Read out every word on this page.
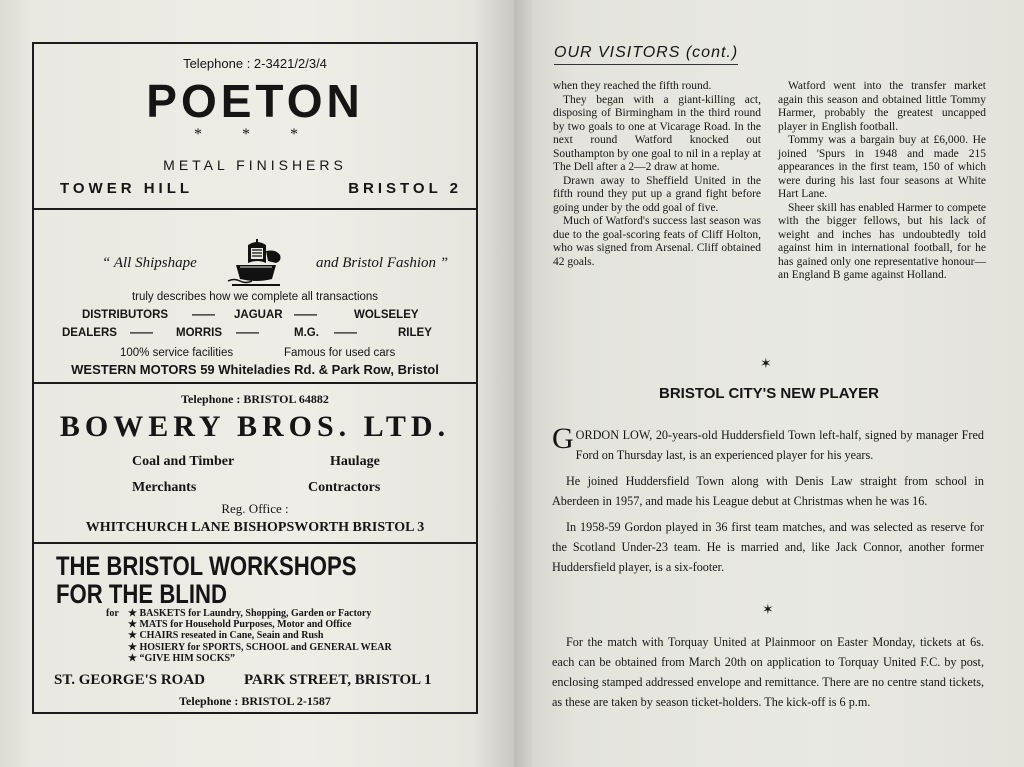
Telephone : 2-3421/2/3/4
POETON
* * *
METAL FINISHERS
TOWER HILL	BRISTOL 2
“ All Shipshape	and Bristol Fashion ”
truly describes how we complete all transactions
DISTRIBUTORS —— JAGUAR ——	WOLSELEY
DEALERS —— MORRIS ——	M.G. ——	RILEY
100% service facilities	Famous for used cars
WESTERN MOTORS 59 Whiteladies Rd. & Park Row, Bristol
Telephone : BRISTOL 64882
BOWERY BROS. LTD.
Coal and Timber	Haulage
Merchants	Contractors
Reg. Office :
WHITCHURCH LANE BISHOPSWORTH BRISTOL 3
THE BRISTOL WORKSHOPS
FOR THE BLIND
for ★ BASKETS for Laundry, Shopping, Garden or Factory
★ MATS for Household Purposes, Motor and Office
★ CHAIRS reseated in Cane, Seain and Rush
★ HOSIERY for SPORTS, SCHOOL and GENERAL WEAR
★ “GIVE HIM SOCKS”
ST. GEORGE'S ROAD	PARK STREET, BRISTOL 1
Telephone : BRISTOL 2-1587
OUR VISITORS (cont.)

when they reached the fifth round.

They began with a giant-killing act, disposing of Birmingham in the third round by two goals to one at Vicarage Road. In the next round Watford knocked out Southampton by one goal to nil in a replay at The Dell after a 2—2 draw at home.

Drawn away to Sheffield United in the fifth round they put up a grand fight before going under by the odd goal of five.

Much of Watford's success last season was due to the goal-scoring feats of Cliff Holton, who was signed from Arsenal. Cliff obtained 42 goals.

Watford went into the transfer market again this season and obtained little Tommy Harmer, probably the greatest uncapped player in English football.

Tommy was a bargain buy at £6,000. He joined 'Spurs in 1948 and made 215 appearances in the first team, 150 of which were during his last four seasons at White Hart Lane.

Sheer skill has enabled Harmer to compete with the bigger fellows, but his lack of weight and inches has undoubtedly told against him in international football, for he has gained only one representative honour—an England B game against Holland.

✶
BRISTOL CITY'S NEW PLAYER

GORDON LOW, 20-years-old Huddersfield Town left-half, signed by manager Fred Ford on Thursday last, is an experienced player for his years.

He joined Huddersfield Town along with Denis Law straight from school in Aberdeen in 1957, and made his League debut at Christmas when he was 16.

In 1958-59 Gordon played in 36 first team matches, and was selected as reserve for the Scotland Under-23 team. He is married and, like Jack Connor, another former Huddersfield player, is a six-footer.

✶

For the match with Torquay United at Plainmoor on Easter Monday, tickets at 6s. each can be obtained from March 20th on application to Torquay United F.C. by post, enclosing stamped addressed envelope and remittance. There are no centre stand tickets, as these are taken by season ticket-holders. The kick-off is 6 p.m.
